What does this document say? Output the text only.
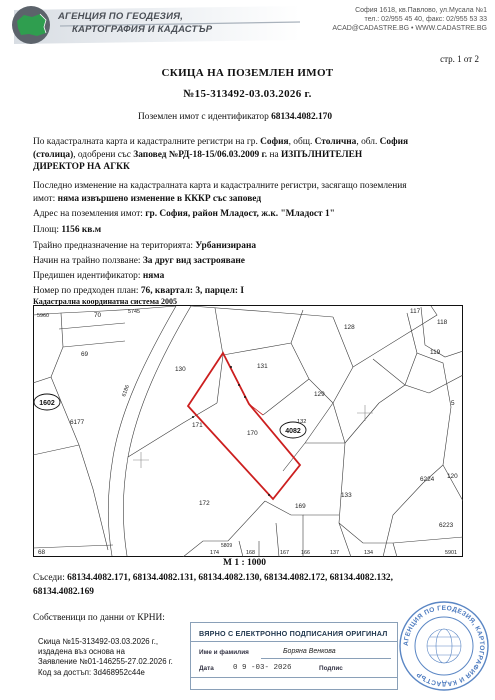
АГЕНЦИЯ ПО ГЕОДЕЗИЯ,
КАРТОГРАФИЯ И КАДАСТЪР
София 1618, кв.Павлово, ул.Мусала №1
тел.: 02/955 45 40, факс: 02/955 53 33
ACAD@CADASTRE.BG • WWW.CADASTRE.BG
стр. 1 от 2
СКИЦА НА ПОЗЕМЛЕН ИМОТ
№15-313492-03.03.2026 г.
Поземлен имот с идентификатор 68134.4082.170
По кадастралната карта и кадастралните регистри на гр. София, общ. Столична, обл. София
(столица), одобрени със Заповед №РД-18-15/06.03.2009 г. на ИЗПЪЛНИТЕЛЕН
ДИРЕКТОР НА АГКК
Последно изменение на кадастралната карта и кадастралните регистри, засягащо поземления
имот: няма извършено изменение в КККР със заповед
Адрес на поземления имот: гр. София, район Младост, ж.к. "Младост 1"
Площ: 1156 кв.м
Трайно предназначение на територията: Урбанизирана
Начин на трайно ползване: За друг вид застрояване
Предишен идентификатор: няма
Номер по предходен план: 76, квартал: 3, парцел: I
Кадастрална координатна система 2005
1602
4082
170
171
172
131
130
129
128
132
133
169
117
118
119
120
6224
6223
5
69
70
6177
6186
5960
5745
68	174	168	167 166	137	134	5901
5809
М 1 : 1000
Съседи: 68134.4082.171, 68134.4082.131, 68134.4082.130, 68134.4082.172, 68134.4082.132,
68134.4082.169
Собственици по данни от КРНИ:
Скица №15-313492-03.03.2026 г.,
издадена въз основа на
Заявление №01-146255-27.02.2026 г.
Код за достъп: 3d468952c44e
ВЯРНО С ЕЛЕКТРОННО ПОДПИСАНИЯ ОРИГИНАЛ
Име и фамилия	Боряна Венкова
Дата	0 9 -03- 2026	Подпис
АГЕНЦИЯ ПО ГЕОДЕЗИЯ, КАРТОГРАФИЯ И КАДАСТЪР
